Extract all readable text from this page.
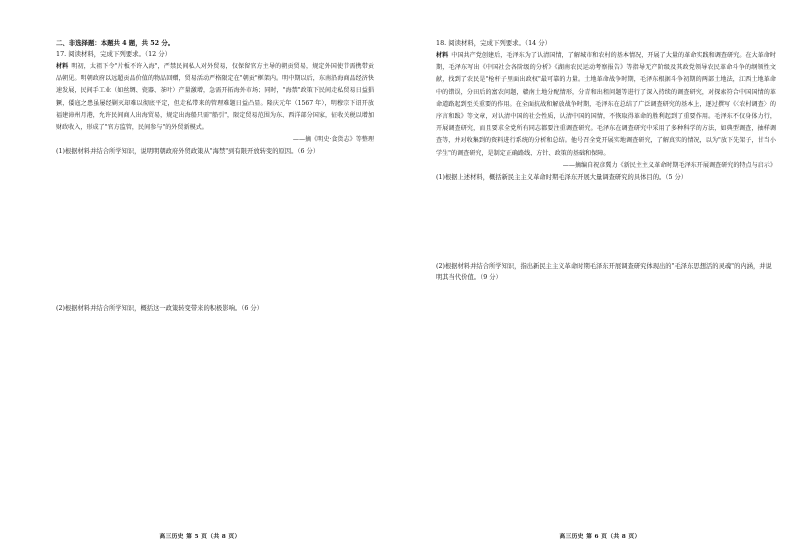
二、非选择题：本题共 4 题，共 52 分。
17. 阅读材料，完成下列要求。（12 分）

材料 明初，太祖下令"片板不许入海"，严禁民间私人对外贸易，仅保留官方主导的朝贡贸易，规定外国使节需携带贡品朝见。明朝政府以远超贡品价值的物品回赠，贸易活动严格限定在"朝贡"框架内。明中期以后，东南沿海商品经济快速发展，民间手工业（如丝绸、瓷器、茶叶）产量激增，急需开拓海外市场；同时，"海禁"政策下民间走私贸易日益猖獗，倭寇之患虽屡经剿灭却难以彻底平定，但走私带来的管理难题日益凸显。隆庆元年（1567 年），明穆宗下诏开放福建漳州月港，允许民间商人出海贸易，规定出海船只需"船引"，限定贸易范围为东、西洋部分国家，征收关税以增加财政收入，形成了"官方监管，民间参与"的外贸新模式。

——摘《明史·食货志》等整理
(1)根据材料并结合所学知识，说明明朝政府外贸政策从"海禁"到有限开放转变的原因。（6 分）
(2)根据材料并结合所学知识，概括这一政策转变带来的积极影响。（6 分）
高三历史 第 5 页（共 8 页）
18. 阅读材料，完成下列要求。（14 分）

材料 中国共产党创建后，毛泽东为了认清国情，了解城市和农村的基本情况，开展了大量的革命实践和调查研究。在大革命时期，毛泽东写出《中国社会各阶级的分析》《湖南农民运动考察报告》等指导无产阶级及其政党领导农民革命斗争的纲领性文献，找到了农民是"枪杆子里面出政权"最可靠的力量。土地革命战争时期，毛泽东根据斗争初期的两部土地法，江西土地革命中的错误，分田后的富农问题，赣南土地分配情形，分青和出租问题等进行了深入持续的调查研究，对探索符合中国国情的革命道路起到至关重要的作用。在全面抗战和解放战争时期，毛泽东在总结了广泛调查研究的基本上，逐过撰写《〈农村调查〉的序言和跋》等文章，对认清中国的社会性质，认清中国的国情，不恢取得革命的胜利起到了重要作用。毛泽东不仅身体力行，开展调查研究，而且要求全党所有同志都要注重调查研究。毛泽东在调查研究中采用了多种科学的方法，如典型调查，抽样调查等，并对收集到的资料进行系统的分析和总结。他号召全党开展实地调查研究，了解真实的情况，以为"放下先架子，甘当小学生"的调查研究，是制定正确路线、方针、政策的基础和保障。

——摘编自祝彦冀力《新民主主义革命时期毛泽东开展调查研究的特点与启示》
(1)根据上述材料，概括新民主主义革命时期毛泽东开展大量调查研究的具体目的。（5 分）
(2)根据材料并结合所学知识，指出新民主主义革命时期毛泽东开展调查研究体现出的"毛泽东思想活的灵魂"的内涵，并说明其当代价值。（9 分）
高三历史 第 6 页（共 8 页）
